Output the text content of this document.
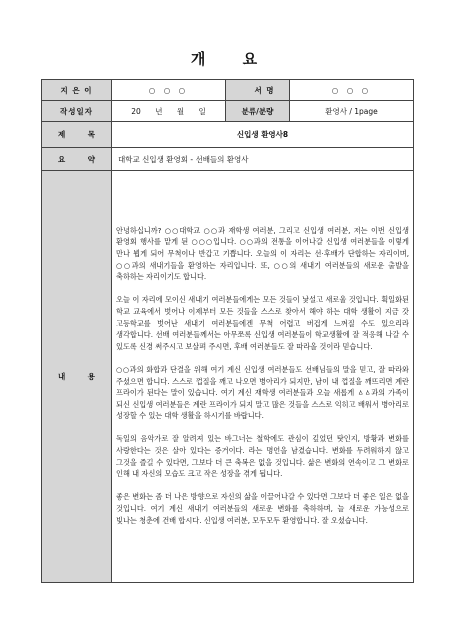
개 요
지 은 이	○ ○ ○	서 명	○ ○ ○
작성일자	20 년 월 일	분류/분량	환영사 / 1page
제 목	신입생 환영사8		
요 약	대학교 신입생 환영회 - 선배들의 환영사		
내 용	안녕하십니까? ○○대학교 ○○과 재학생 여러분, 그리고 신입생 여러분, 저는 이번 신입생 환영회 행사를 맡게 된 ○○○입니다. ○○과의 전통을 이어나갈 신입생 여러분들을 이렇게 만나 뵙게 되어 무척이나 반갑고 기쁩니다. 오늘의 이 자리는 선·후배가 단합하는 자리이며, ○○과의 새내기들을 환영하는 자리입니다. 또, ○○의 새내기 여러분들의 새로운 출발을 축하하는 자리이기도 합니다.

오늘 이 자리에 모이신 새내기 여러분들에게는 모든 것들이 낯설고 새로울 것입니다. 획일화된 학교 교육에서 벗어나 이제부터 모든 것들을 스스로 찾아서 해야 하는 대학 생활이 지금 갓 고등학교를 벗어난 새내기 여러분들에겐 무척 어렵고 버겁게 느껴질 수도 있으리라 생각합니다. 선배 여러분들께서는 아무쪼록 신입생 여러분들이 학교생활에 잘 적응해 나갈 수 있도록 신경 써주시고 보살펴 주시면, 후배 여러분들도 잘 따라올 것이라 믿습니다.

○○과의 화합과 단결을 위해 여기 계신 신입생 여러분들도 선배님들의 말을 믿고, 잘 따라와 주셨으면 합니다. 스스로 껍질을 깨고 나오면 병아리가 되지만, 남이 내 껍질을 깨뜨리면 계란 프라이가 된다는 말이 있습니다. 여기 계신 재학생 여러분들과 오늘 새롭게 ㅿㅿ과의 가족이 되신 신입생 여러분들은 계란 프라이가 되지 말고 많은 것들을 스스로 익히고 배워서 병아리로 성장할 수 있는 대학 생활을 하시기를 바랍니다.

독일의 음악가로 잘 알려져 있는 바그너는 철학에도 관심이 깊었던 탓인지, 방황과 변화를 사랑한다는 것은 살아 있다는 증거이다. 라는 명언을 남겼습니다. 변화를 두려워하지 않고 그것을 즐길 수 있다면, 그보다 더 큰 축복은 없을 것입니다. 삶은 변화의 연속이고 그 변화로 인해 내 자신의 모습도 크고 작은 성장을 겪게 됩니다.

좋은 변화는 좀 더 나은 방향으로 자신의 삶을 이끌어나갈 수 있다면 그보다 더 좋은 일은 없을 것입니다. 여기 계신 새내기 여러분들의 새로운 변화를 축하하며, 늘 새로운 가능성으로 빛나는 청춘에 건배 합시다. 신입생 여러분, 모두모두 환영합니다. 잘 오셨습니다.		
